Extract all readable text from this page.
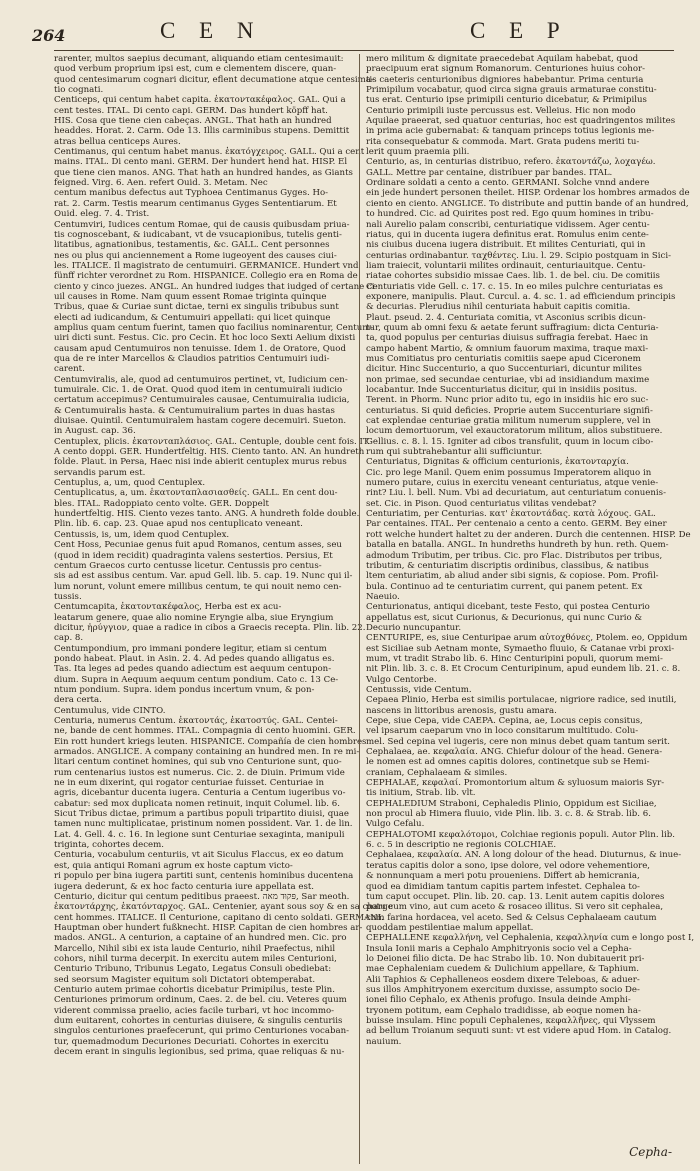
264	C E N	C E P
rarenter, multos saepius decumant, aliquando etiam centesimauit:
quod verbum proprium ipsi est, cum e clementem discere, quan-
quod centesimarum cognari dicitur, eflent decumatione atque centesima-
tio cognati.
Centiceps, qui centum habet capita. ἑκατοντακέφαλος. GAL. Qui a
cent testes. ITAL. Di cento capi. GERM. Das hundert köpff hat.
HIS. Cosa que tiene cien cabeças. ANGL. That hath an hundred
headdes. Horat. 2. Carm. Ode 13. Illis carminibus stupens. Demittit
atras bellua centiceps Aures.
Centimanus, qui centum habet manus. ἑκατόγχειρος. GALL. Qui a cent
mains. ITAL. Di cento mani. GERM. Der hundert hend hat. HISP. El
que tiene cien manos. ANG. That hath an hundred handes, as Giants
feigned. Virg. 6. Aen. refert Ouid. 3. Metam. Nec
centum manibus defectus aut Typhoea Centimanus Gyges. Ho-
rat. 2. Carm. Testis mearum centimanus Gyges Sententiarum. Et
Ouid. eleg. 7. 4. Trist.
Centumviri, Iudices centum Romae, qui de causis quibusdam priua-
tis cognoscebant, & iudicabant, vt de vsucapionibus, tutelis genti-
litatibus, agnationibus, testamentis, &c. GALL. Cent personnes
nes ou plus qui anciennement a Rome iugeoyent des causes ciui-
les. ITALICE. Il magistrato de centumuiri. GERMANICE. Hundert vnd
fünff richter verordnet zu Rom. HISPANICE. Collegio era en Roma de
ciento y cinco juezes. ANGL. An hundred iudges that iudged of certane ci-
uil causes in Rome. Nam quum essent Romae triginta quinque
Tribus, quae & Curiae sunt dictae, terni ex singulis tribubus sunt
electi ad iudicandum, & Centumuiri appellati: qui licet quinque
amplius quam centum fuerint, tamen quo facilius nominarentur, Centum-
uiri dicti sunt. Festus. Cic. pro Cecin. Et hoc loco Sexti Aelium dixisti
causam apud Centumuiros non tenuisse. Idem 1. de Oratore, Quod
qua de re inter Marcellos & Claudios patritios Centumuiri iudi-
carent.
Centumviralis, ale, quod ad centumuiros pertinet, vt, Iudicium cen-
tumuirale. Cic. 1. de Orat. Quod quod item in centumuirali iudicio
certatum accepimus? Centumuirales causae, Centumuiralia iudicia,
& Centumuiralis hasta. & Centumuiralium partes in duas hastas
diuisae. Quintil. Centumuiralem hastam cogere decemuiri. Sueton.
in August. cap. 36.
Centuplex, plicis. ἑκατονταπλάσιος. GAL. Centuple, double cent fois. IT.
A cento doppi. GER. Hundertfeltig. HIS. Ciento tanto. AN. An hundreth
folde. Plaut. in Persa, Haec nisi inde abierit centuplex murus rebus
servandis parum est.
Centuplus, a, um, quod Centuplex.
Centuplicatus, a, um. ἑκατονταπλασιασθείς. GALL. En cent dou-
bles. ITAL. Radoppiato cento volte. GER. Doppelt
hundertfeltig. HIS. Ciento vezes tanto. ANG. A hundreth folde double.
Plin. lib. 6. cap. 23. Quae apud nos centuplicato veneant.
Centussis, is, um, idem quod Centuplex.
Cent Hoss, Pecuniae genus fuit apud Romanos, centum asses, seu
(quod in idem recidit) quadraginta valens sestertios. Persius, Et
centum Graecos curto centusse licetur. Centussis pro centus-
sis ad est assibus centum. Var. apud Gell. lib. 5. cap. 19. Nunc qui il-
lum norunt, volunt emere millibus centum, te qui nouit nemo cen-
tussis.
Centumcapita, ἑκατοντακέφαλος, Herba est ex acu-
leatarum genere, quae alio nomine Eryngie alba, siue Eryngium
dicitur, ἠρύγγιον, quae a radice in cibos a Graecis recepta. Plin. lib. 22.
cap. 8.
Centumpondium, pro immani pondere legitur, etiam si centum
pondo habeat. Plaut. in Asin. 2. 4. Ad pedes quando alligatus es.
Tas. Ita leges ad pedes quando adiectum est aequum centupon-
dium. Supra in Aequum aequum centum pondium. Cato c. 13 Ce-
ntum pondium. Supra. idem pondus incertum vnum, & pon-
dera certa.
Centumulus, vide CINTO.
Centuria, numerus Centum. ἑκατοντάς, ἑκατοστύς. GAL. Centei-
ne, bande de cent hommes. ITAL. Compagnia di cento huomini. GER.
Ein rott hundert kriegs leuten. HISPANICE. Compañía de cien hombres
armados. ANGLICE. A company containing an hundred men. In re mi-
litari centum continet homines, qui sub vno Centurione sunt, quo-
rum centenarius iustos est numerus. Cic. 2. de Diuin. Primum vide
ne in eum dixerint, qui rogator centuriae fuisset. Centuriae in
agris, dicebantur ducenta iugera. Centuria a Centum iugeribus vo-
cabatur: sed mox duplicata nomen retinuit, inquit Columel. lib. 6.
Sicut Tribus dictae, primum a partibus populi tripartito diuisi, quae
tamen nunc multiplicatae, pristinum nomen possident. Var. 1. de lin.
Lat. 4. Gell. 4. c. 16. In legione sunt Centuriae sexaginta, manipuli
triginta, cohortes decem.
Centuria, vocabulum centuriis, vt ait Siculus Flaccus, ex eo datum
est, quia antiqui Romani agrum ex hoste captum victo-
ri populo per bina iugera partiti sunt, centenis hominibus ducentena
iugera dederunt, & ex hoc facto centuria iure appellata est.
Centurio, dicitur qui centum peditibus praeest. פּקוּד מאה, Sar meoth.
ἑκατοντάρχης, ἑκατόνταρχος. GAL. Centenier, ayant sous soy & en sa charge
cent hommes. ITALICE. Il Centurione, capitano di cento soldati. GERMANI.
Hauptman ober hundert fußknecht. HISP. Capitan de cien hombres ar-
mados. ANGL. A centurion, a captaine of an hundred men. Cic. pro
Marcello, Nihil sibi ex ista laude Centurio, nihil Praefectus, nihil
cohors, nihil turma decerpit. In exercitu autem miles Centurioni,
Centurio Tribuno, Tribunus Legato, Legatus Consuli obediebat:
sed seorsum Magister equitum soli Dictatori obtemperabat.
Centurio autem primae cohortis dicebatur Primipilus, teste Plin.
Centuriones primorum ordinum, Caes. 2. de bel. ciu. Veteres quum
viderent commissa praelio, acies facile turbari, vt hoc incommo-
dum euitarent, cohortes in centurias diuisere, & singulis centuriis
singulos centuriones praefecerunt, qui primo Centuriones vocaban-
tur, quemadmodum Decuriones Decuriati. Cohortes in exercitu
decem erant in singulis legionibus, sed prima, quae reliquas & nu-
mero militum & dignitate praecedebat Aquilam habebat, quod
praecipuum erat signum Romanorum. Centuriones huius cohor-
tis caeteris centurionibus digniores habebantur. Prima centuria
Primipilum vocabatur, quod circa signa grauis armaturae constitu-
tus erat. Centurio ipse primipili centurio dicebatur, & Primipilus
Centurio primipili iuste percussus est. Velleius. Hic non modo
Aquilae praeerat, sed quatuor centurias, hoc est quadringentos milites
in prima acie gubernabat: & tanquam princeps totius legionis me-
rita consequebatur & commoda. Mart. Grata pudens meriti tu-
lerit quum praemia pili.
Centurio, as, in centurias distribuo, refero. ἑκατοντάζω, λοχαγέω.
GALL. Mettre par centaine, distribuer par bandes. ITAL.
Ordinare soldati a cento a cento. GERMANI. Solche vnnd andere
ein jede hundert personen theilet. HISP. Ordenar los hombres armados de
ciento en ciento. ANGLICE. To distribute and puttin bande of an hundred,
to hundred. Cic. ad Quirites post red. Ego quum homines in tribu-
nali Aurelio palam conscribi, centuriatique vidissem. Ager centu-
riatus, qui in ducenta iugera definitus erat. Romulus enim cente-
nis ciuibus ducena iugera distribuit. Et milites Centuriati, qui in
centurias ordinabantur. ταχθέντες. Liu. l. 29. Scipio postquam in Sici-
liam traiecit, voluntarii milites ordinauit, centuriauitque. Centu-
riatae cohortes subsidio missae Caes. lib. 1. de bel. ciu. De comitiis
Centuriatis vide Gell. c. 17. c. 15. In eo miles pulchre centuriatas es
exponere, manipulis. Plaut. Curcul. a. 4. sc. 1. ad efficiendum principis
& decurias. Plerudius nihil centuriata habuit capitis comitia.
Plaut. pseud. 2. 4. Centuriata comitia, vt Asconius scribis dicun-
tur, quum ab omni fexu & aetate ferunt suffragium: dicta Centuria-
ta, quod populus per centurias diuisus suffragia ferebat. Haec in
campo habent Martio, & omnium fauorum maxima, traque maxi-
mus Comitiatus pro centuriatis comitiis saepe apud Ciceronem
dicitur. Hinc Succenturio, a quo Succenturiari, dicuntur milites
non primae, sed secundae centuriae, vbi ad insidiandum maxime
locabantur. Inde Succenturiatus dicitur, qui in insidiis positus.
Terent. in Phorm. Nunc prior adito tu, ego in insidiis hic ero suc-
centuriatus. Si quid deficies. Proprie autem Succenturiare signifi-
cat explendae centuriae gratia militum numerum supplere, vel in
locum demortuorum, vel exauctoratorum militum, alios substituere.
Gellius. c. 8. l. 15. Igniter ad cibos transfulit, quum in locum cibo-
rum qui subtrahebantur alii sufficiuntur.
Centuriatus, Dignitas & officium centurionis, ἑκατονταρχία.
Cic. pro lege Manil. Quem enim possumus Imperatorem aliquo in
numero putare, cuius in exercitu veneant centuriatus, atque venie-
rint? Liu. l. bell. Num. Vbi ad decuriatum, aut centuriatum conuenis-
set. Cic. in Pison. Quod centuriatus vilitas vendebat?
Centuriatim, per Centurias. κατ' ἑκατοντάδας. κατὰ λόχους. GAL.
Par centaines. ITAL. Per centenaio a cento a cento. GERM. Bey einer
rott welche hundert haltet zu der anderen. Durch die centennen. HISP. De
batalla en batalla. ANGL. In hundreths hundreth by hun. reth. Quem-
admodum Tributim, per tribus. Cic. pro Flac. Distributos per tribus,
tributim, & centuriatim discriptis ordinibus, classibus, & natibus
ltem centuriatim, ab aliud ander sibi signis, & copiose. Pom. Profil-
bula. Continuo ad te centuriatim current, qui panem petent. Ex
Naeuio.
Centurionatus, antiqui dicebant, teste Festo, qui postea Centurio
appellatus est, sicut Curionus, & Decurionus, qui nunc Curio &
Decurio nuncupantur.
CENTURIPE, es, siue Centuripae arum αὐτοχθόνες, Ptolem. eo, Oppidum
est Siciliae sub Aetnam monte, Symaetho fluuio, & Catanae vrbi proxi-
mum, vt tradit Strabo lib. 6. Hinc Centuripini populi, quorum memi-
nit Plin. lib. 3. c. 8. Et Crocum Centuripinum, apud eundem lib. 21. c. 8.
Vulgo Centorbe.
Centussis, vide Centum.
Cepaea Plinio, Herba est similis portulacae, nigriore radice, sed inutili,
nascens in littoribus arenosis, gustu amara.
Cepe, siue Cepa, vide CAEPA. Cepina, ae, Locus cepis consitus,
vel ipsarum caeparum vno in loco consitarum multitudo. Colu-
mel. Sed cepina vel iugeris, cere non minus debet quam tantum serit.
Cephalaea, ae. κεφαλαία. ANG. Chiefur dolour of the head. Genera-
le nomen est ad omnes capitis dolores, continetque sub se Hemi-
craniam, Cephalaeam & similes.
CEPHALAE, κεφαλαί. Promontorium altum & syluosum maioris Syr-
tis initium, Strab. lib. vlt.
CEPHALEDIUM Straboni, Cephaledis Plinio, Oppidum est Siciliae,
non procul ab Himera fluuio, vide Plin. lib. 3. c. 8. & Strab. lib. 6.
Vulgo Cefalu.
CEPHALOTOMI κεφαλότομοι, Colchiae regionis populi. Autor Plin. lib.
6. c. 5 in descriptio ne regionis COLCHIAE.
Cephalaea, κεφαλαία. AN. A long dolour of the head. Diuturnus, & inue-
teratus capitis dolor a sono, ipse dolore, vel odore vehementiore,
& nonnunquam a meri potu proueniens. Differt ab hemicrania,
quod ea dimidiam tantum capitis partem infestet. Cephalea to-
tum caput occupet. Plin. lib. 20. cap. 13. Lenit autem capitis dolores
potu cum vino, aut cum aceto & rosaceo illitus. Si vero sit cephalea,
cum farina hordacea, vel aceto. Sed & Celsus Cephalaeam cautum
quoddam pestilentiae malum appellat.
CEPHALLENE κεφαλλήνη, vel Cephalenia, κεφαλληνία cum e longo post I,
Insula Ionii maris a Cephalo Amphitryonis socio vel a Cepha-
lo Deionei filio dicta. De hac Strabo lib. 10. Non dubitauerit pri-
mae Cephaleniam cuedem & Dulichium appellare, & Taphium.
Alii Taphios & Cephalleneos eosdem dixere Teleboas, & aduer-
sus illos Amphitryonem exercitum duxisse, assumpto socio De-
ionei filio Cephalo, ex Athenis profugo. Insula deinde Amphi-
tryonem potitum, eam Cephalo tradidisse, ab eoque nomen ha-
buisse insulam. Hinc populi Cephalenes, κεφαλλῆνες, qui Vlyssem
ad bellum Troianum sequuti sunt: vt est videre apud Hom. in Catalog.
nauium.
Cepha-
